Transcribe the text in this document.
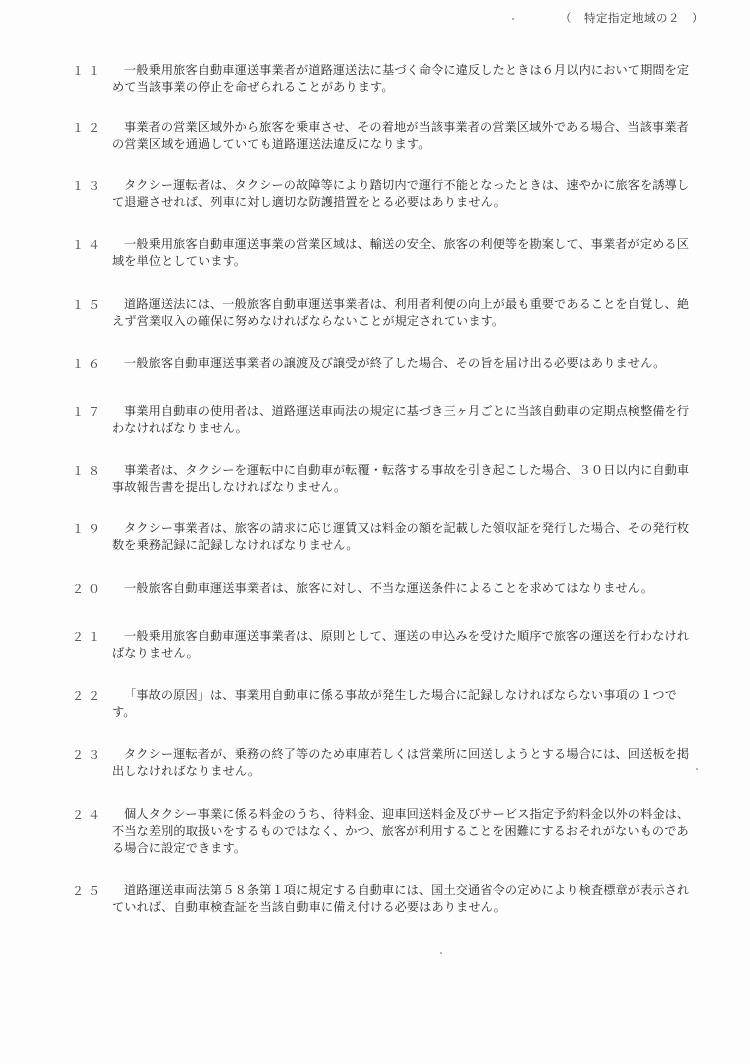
（　特定指定地域の２　）
１１	一般乗用旅客自動車運送事業者が道路運送法に基づく命令に違反したときは６月以内において期間を定めて当該事業の停止を命ぜられることがあります。
１２	事業者の営業区域外から旅客を乗車させ、その着地が当該事業者の営業区域外である場合、当該事業者の営業区域を通過していても道路運送法違反になります。
１３	タクシー運転者は、タクシーの故障等により踏切内で運行不能となったときは、速やかに旅客を誘導して退避させれば、列車に対し適切な防護措置をとる必要はありません。
１４	一般乗用旅客自動車運送事業の営業区域は、輸送の安全、旅客の利便等を勘案して、事業者が定める区域を単位としています。
１５	道路運送法には、一般旅客自動車運送事業者は、利用者利便の向上が最も重要であることを自覚し、絶えず営業収入の確保に努めなければならないことが規定されています。
１６	一般旅客自動車運送事業者の譲渡及び譲受が終了した場合、その旨を届け出る必要はありません。
１７	事業用自動車の使用者は、道路運送車両法の規定に基づき三ヶ月ごとに当該自動車の定期点検整備を行わなければなりません。
１８	事業者は、タクシーを運転中に自動車が転覆・転落する事故を引き起こした場合、３０日以内に自動車事故報告書を提出しなければなりません。
１９	タクシー事業者は、旅客の請求に応じ運賃又は料金の額を記載した領収証を発行した場合、その発行枚数を乗務記録に記録しなければなりません。
２０	一般旅客自動車運送事業者は、旅客に対し、不当な運送条件によることを求めてはなりません。
２１	一般乗用旅客自動車運送事業者は、原則として、運送の申込みを受けた順序で旅客の運送を行わなければなりません。
２２	「事故の原因」は、事業用自動車に係る事故が発生した場合に記録しなければならない事項の１つです。
２３	タクシー運転者が、乗務の終了等のため車庫若しくは営業所に回送しようとする場合には、回送板を掲出しなければなりません。
２４	個人タクシー事業に係る料金のうち、待料金、迎車回送料金及びサービス指定予約料金以外の料金は、不当な差別的取扱いをするものではなく、かつ、旅客が利用することを困難にするおそれがないものである場合に設定できます。
２５	道路運送車両法第５８条第１項に規定する自動車には、国土交通省令の定めにより検査標章が表示されていれば、自動車検査証を当該自動車に備え付ける必要はありません。
